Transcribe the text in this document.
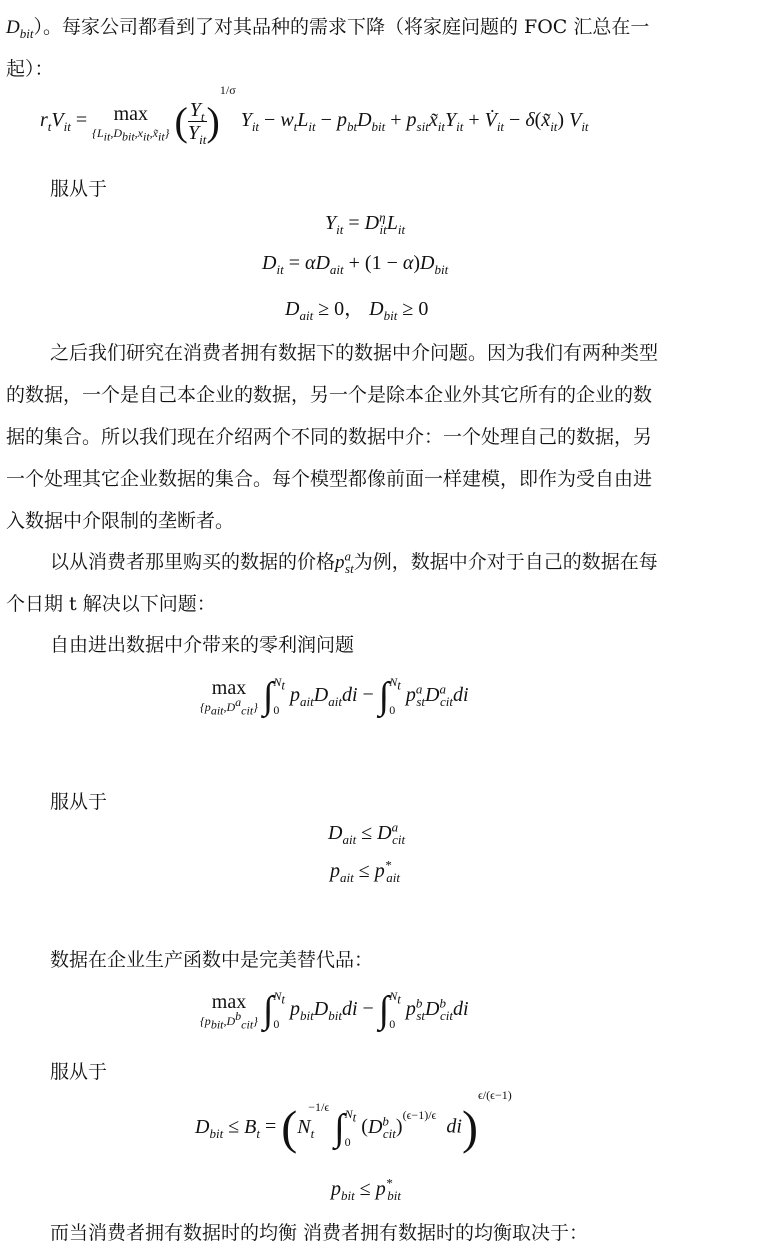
$D_{bit}$）。每家公司都看到了对其品种的需求下降（将家庭问题的 FOC 汇总在一
起）：
$r_tV_{it}$ =	max
$\{L_{it},D_{bit},x_{it},x̃_{it}\}$ ( $\frac{Y_t}{Y_{it}} )^{1/\sigma}$ $Y_{it} - w_tL_{it} - p_{bt}D_{bit}$ + $p_{sit}x̃_{it}Y_{it}$ + $V̇_{it}$ − $\delta(x̃_{it})$ $V_{it}$
服从于
$Y_{it} = D^\eta_{it}L_{it}$
$D_{it} = \alpha D_{ait} + (1 - \alpha)D_{bit}$
$D_{ait} \ge 0$， $D_{bit} \ge 0$
之后我们研究在消费者拥有数据下的数据中介问题。因为我们有两种类型
的数据，一个是自己本企业的数据，另一个是除本企业外其它所有的企业的数
据的集合。所以我们现在介绍两个不同的数据中介：一个处理自己的数据，另
一个处理其它企业数据的集合。每个模型都像前面一样建模，即作为受自由进
入数据中介限制的垄断者。
以从消费者那里购买的数据的价格$p^a_{st}$为例，数据中介对于自己的数据在每
个日期 t 解决以下问题：
自由进出数据中介带来的零利润问题
max
$\{p_{ait},D^a_{cit}\}$ ∫ $N_t$
0
$p_{ait}D_{ait}di$ − ∫ $N_t$
0
$p^a_{st}D^a_{cit}di$
服从于
$D_{ait} \le D^a_{cit}$
$p_{ait} \le p^*_{ait}$
数据在企业生产函数中是完美替代品：
max
$\{p_{bit},D^b_{cit}\}$ ∫ $N_t$
0
$p_{bit}D_{bit}di$ − ∫ $N_t$
0
$p^b_{st}D^b_{cit}di$
服从于
$D_{bit} \le B_t = (N_t^{-1/\epsilon}$ ∫ $N_t$
0
$(D^b_{cit})^{(\epsilon-1)/\epsilon}$  di)$^{\epsilon/(\epsilon-1)}$
$p_{bit} \le p^*_{bit}$
而当消费者拥有数据时的均衡 消费者拥有数据时的均衡取决于：
